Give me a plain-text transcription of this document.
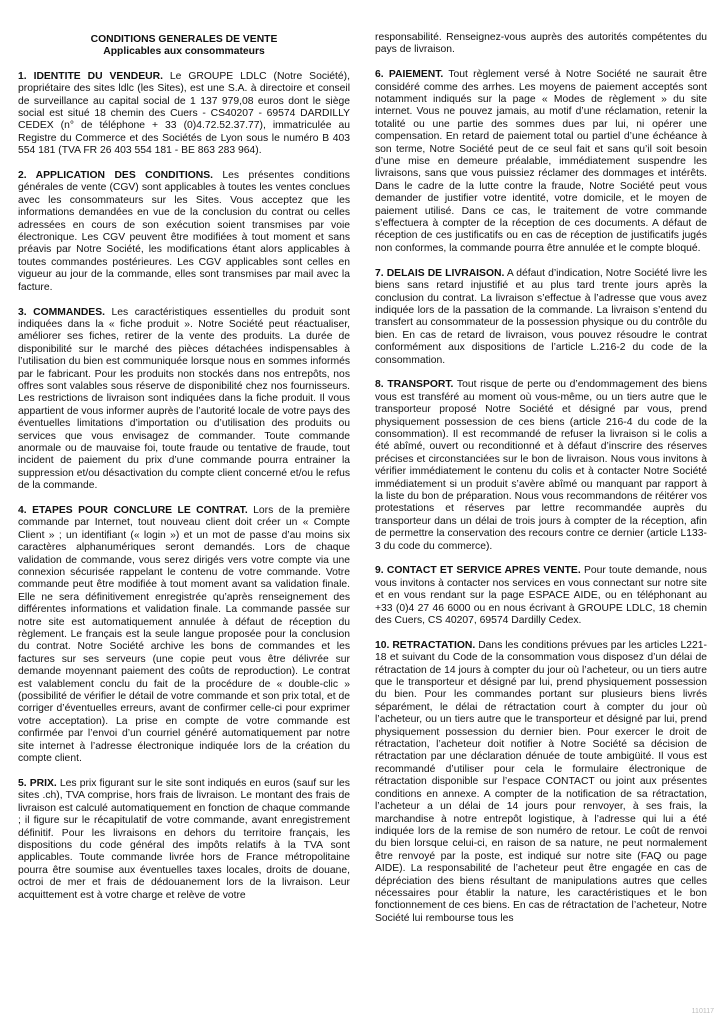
CONDITIONS GENERALES DE VENTE
Applicables aux consommateurs

1. IDENTITE DU VENDEUR. Le GROUPE LDLC (Notre Société), propriétaire des sites ldlc (les Sites), est une S.A. à directoire et conseil de surveillance au capital social de 1 137 979,08 euros dont le siège social est situé 18 chemin des Cuers - CS40207 - 69574 DARDILLY CEDEX (n° de téléphone + 33 (0)4.72.52.37.77), immatriculée au Registre du Commerce et des Sociétés de Lyon sous le numéro B 403 554 181 (TVA FR 26 403 554 181 - BE 863 283 964).

2. APPLICATION DES CONDITIONS. Les présentes conditions générales de vente (CGV) sont applicables à toutes les ventes conclues avec les consommateurs sur les Sites. Vous acceptez que les informations demandées en vue de la conclusion du contrat ou celles adressées en cours de son exécution soient transmises par voie électronique. Les CGV peuvent être modifiées à tout moment et sans préavis par Notre Société, les modifications étant alors applicables à toutes commandes postérieures. Les CGV applicables sont celles en vigueur au jour de la commande, elles sont transmises par mail avec la facture.

3. COMMANDES. Les caractéristiques essentielles du produit sont indiquées dans la « fiche produit ». Notre Société peut réactualiser, améliorer ses fiches, retirer de la vente des produits. La durée de disponibilité sur le marché des pièces détachées indispensables à l’utilisation du bien est communiquée lorsque nous en sommes informés par le fabricant. Pour les produits non stockés dans nos entrepôts, nos offres sont valables sous réserve de disponibilité chez nos fournisseurs. Les restrictions de livraison sont indiquées dans la fiche produit. Il vous appartient de vous informer auprès de l’autorité locale de votre pays des éventuelles limitations d’importation ou d’utilisation des produits ou services que vous envisagez de commander. Toute commande anormale ou de mauvaise foi, toute fraude ou tentative de fraude, tout incident de paiement du prix d’une commande pourra entrainer la suppression et/ou désactivation du compte client concerné et/ou le refus de la commande.

4. ETAPES POUR CONCLURE LE CONTRAT. Lors de la première commande par Internet, tout nouveau client doit créer un « Compte Client » ; un identifiant (« login ») et un mot de passe d’au moins six caractères alphanumériques seront demandés. Lors de chaque validation de commande, vous serez dirigés vers votre compte via une connexion sécurisée rappelant le contenu de votre commande. Votre commande peut être modifiée à tout moment avant sa validation finale. Elle ne sera définitivement enregistrée qu’après renseignement des différentes informations et validation finale. La commande passée sur notre site est automatiquement annulée à défaut de réception du règlement. Le français est la seule langue proposée pour la conclusion du contrat. Notre Société archive les bons de commandes et les factures sur ses serveurs (une copie peut vous être délivrée sur demande moyennant paiement des coûts de reproduction). Le contrat est valablement conclu du fait de la procédure de « double-clic » (possibilité de vérifier le détail de votre commande et son prix total, et de corriger d’éventuelles erreurs, avant de confirmer celle-ci pour exprimer votre acceptation). La prise en compte de votre commande est confirmée par l’envoi d’un courriel généré automatiquement par notre site internet à l’adresse électronique indiquée lors de la création du compte client.

5. PRIX. Les prix figurant sur le site sont indiqués en euros (sauf sur les sites .ch), TVA comprise, hors frais de livraison. Le montant des frais de livraison est calculé automatiquement en fonction de chaque commande ; il figure sur le récapitulatif de votre commande, avant enregistrement définitif. Pour les livraisons en dehors du territoire français, les dispositions du code général des impôts relatifs à la TVA sont applicables. Toute commande livrée hors de France métropolitaine pourra être soumise aux éventuelles taxes locales, droits de douane, octroi de mer et frais de dédouanement lors de la livraison. Leur acquittement est à votre charge et relève de votre

responsabilité. Renseignez-vous auprès des autorités compétentes du pays de livraison.

6. PAIEMENT. Tout règlement versé à Notre Société ne saurait être considéré comme des arrhes. Les moyens de paiement acceptés sont notamment indiqués sur la page « Modes de règlement » du site internet. Vous ne pouvez jamais, au motif d’une réclamation, retenir la totalité ou une partie des sommes dues par lui, ni opérer une compensation. En retard de paiement total ou partiel d’une échéance à son terme, Notre Société peut de ce seul fait et sans qu’il soit besoin d’une mise en demeure préalable, immédiatement suspendre les livraisons, sans que vous puissiez réclamer des dommages et intérêts. Dans le cadre de la lutte contre la fraude, Notre Société peut vous demander de justifier votre identité, votre domicile, et le moyen de paiement utilisé. Dans ce cas, le traitement de votre commande s’effectuera à compter de la réception de ces documents. A défaut de réception de ces justificatifs ou en cas de réception de justificatifs jugés non conformes, la commande pourra être annulée et le compte bloqué.

7. DELAIS DE LIVRAISON. A défaut d’indication, Notre Société livre les biens sans retard injustifié et au plus tard trente jours après la conclusion du contrat. La livraison s’effectue à l’adresse que vous avez indiquée lors de la passation de la commande. La livraison s’entend du transfert au consommateur de la possession physique ou du contrôle du bien. En cas de retard de livraison, vous pouvez résoudre le contrat conformément aux dispositions de l’article L.216-2 du code de la consommation.

8. TRANSPORT. Tout risque de perte ou d’endommagement des biens vous est transféré au moment où vous-même, ou un tiers autre que le transporteur proposé Notre Société et désigné par vous, prend physiquement possession de ces biens (article 216-4 du code de la consommation). Il est recommandé de refuser la livraison si le colis a été abîmé, ouvert ou reconditionné et à défaut d’inscrire des réserves précises et circonstanciées sur le bon de livraison. Nous vous invitons à vérifier immédiatement le contenu du colis et à contacter Notre Société immédiatement si un produit s’avère abîmé ou manquant par rapport à la liste du bon de préparation. Nous vous recommandons de réitérer vos protestations et réserves par lettre recommandée auprès du transporteur dans un délai de trois jours à compter de la réception, afin de permettre la conservation des recours contre ce dernier (article L133-3 du code du commerce).

9. CONTACT ET SERVICE APRES VENTE. Pour toute demande, nous vous invitons à contacter nos services en vous connectant sur notre site et en vous rendant sur la page ESPACE AIDE, ou en téléphonant au +33 (0)4 27 46 6000 ou en nous écrivant à GROUPE LDLC, 18 chemin des Cuers, CS 40207, 69574 Dardilly Cedex.

10. RETRACTATION. Dans les conditions prévues par les articles L221-18 et suivant du Code de la consommation vous disposez d’un délai de rétractation de 14 jours à compter du jour où l’acheteur, ou un tiers autre que le transporteur et désigné par lui, prend physiquement possession du bien. Pour les commandes portant sur plusieurs biens livrés séparément, le délai de rétractation court à compter du jour où l’acheteur, ou un tiers autre que le transporteur et désigné par lui, prend physiquement possession du dernier bien. Pour exercer le droit de rétractation, l’acheteur doit notifier à Notre Société sa décision de rétractation par une déclaration dénuée de toute ambigüité. Il vous est recommandé d’utiliser pour cela le formulaire électronique de rétractation disponible sur l’espace CONTACT ou joint aux présentes conditions en annexe. A compter de la notification de sa rétractation, l’acheteur a un délai de 14 jours pour renvoyer, à ses frais, la marchandise à notre entrepôt logistique, à l’adresse qui lui a été indiquée lors de la remise de son numéro de retour. Le coût de renvoi du bien lorsque celui-ci, en raison de sa nature, ne peut normalement être renvoyé par la poste, est indiqué sur notre site (FAQ ou page AIDE). La responsabilité de l’acheteur peut être engagée en cas de dépréciation des biens résultant de manipulations autres que celles nécessaires pour établir la nature, les caractéristiques et le bon fonctionnement de ces biens. En cas de rétractation de l’acheteur, Notre Société lui rembourse tous les

110117
